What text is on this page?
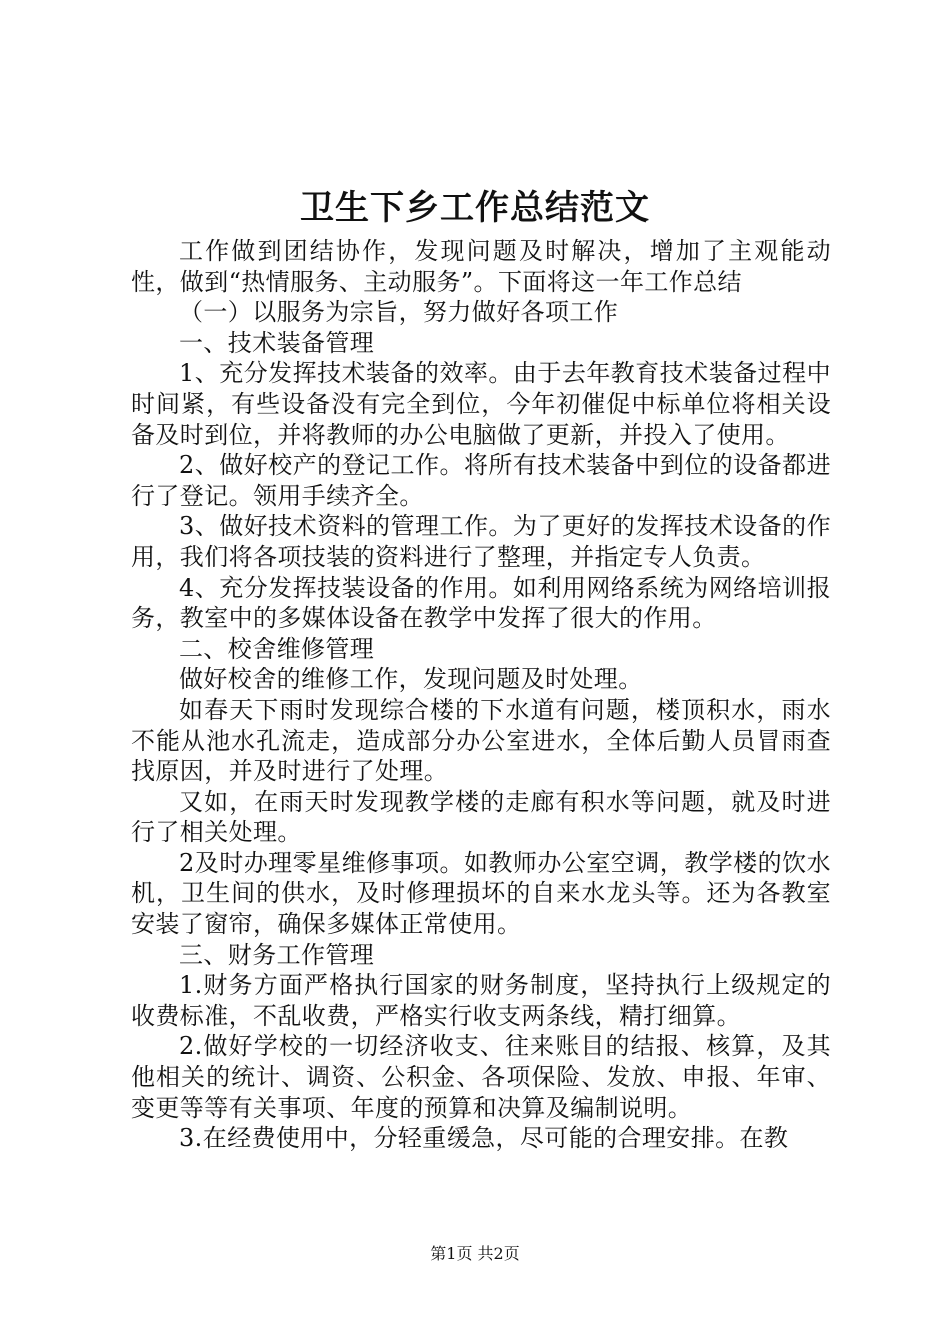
卫生下乡工作总结范文

工作做到团结协作，发现问题及时解决，增加了主观能动性，做到“热情服务、主动服务”。下面将这一年工作总结

（一）以服务为宗旨，努力做好各项工作

一、技术装备管理

1、充分发挥技术装备的效率。由于去年教育技术装备过程中时间紧，有些设备没有完全到位，今年初催促中标单位将相关设备及时到位，并将教师的办公电脑做了更新，并投入了使用。

2、做好校产的登记工作。将所有技术装备中到位的设备都进行了登记。领用手续齐全。

3、做好技术资料的管理工作。为了更好的发挥技术设备的作用，我们将各项技装的资料进行了整理，并指定专人负责。

4、充分发挥技装设备的作用。如利用网络系统为网络培训报务，教室中的多媒体设备在教学中发挥了很大的作用。

二、校舍维修管理

做好校舍的维修工作，发现问题及时处理。

如春天下雨时发现综合楼的下水道有问题，楼顶积水，雨水不能从池水孔流走，造成部分办公室进水，全体后勤人员冒雨查找原因，并及时进行了处理。

又如，在雨天时发现教学楼的走廊有积水等问题，就及时进行了相关处理。

2及时办理零星维修事项。如教师办公室空调，教学楼的饮水机，卫生间的供水，及时修理损坏的自来水龙头等。还为各教室安装了窗帘，确保多媒体正常使用。

三、财务工作管理

1.财务方面严格执行国家的财务制度，坚持执行上级规定的收费标准，不乱收费，严格实行收支两条线，精打细算。

2.做好学校的一切经济收支、往来账目的结报、核算，及其他相关的统计、调资、公积金、各项保险、发放、申报、年审、变更等等有关事项、年度的预算和决算及编制说明。

3.在经费使用中，分轻重缓急，尽可能的合理安排。在教

第1页 共2页
